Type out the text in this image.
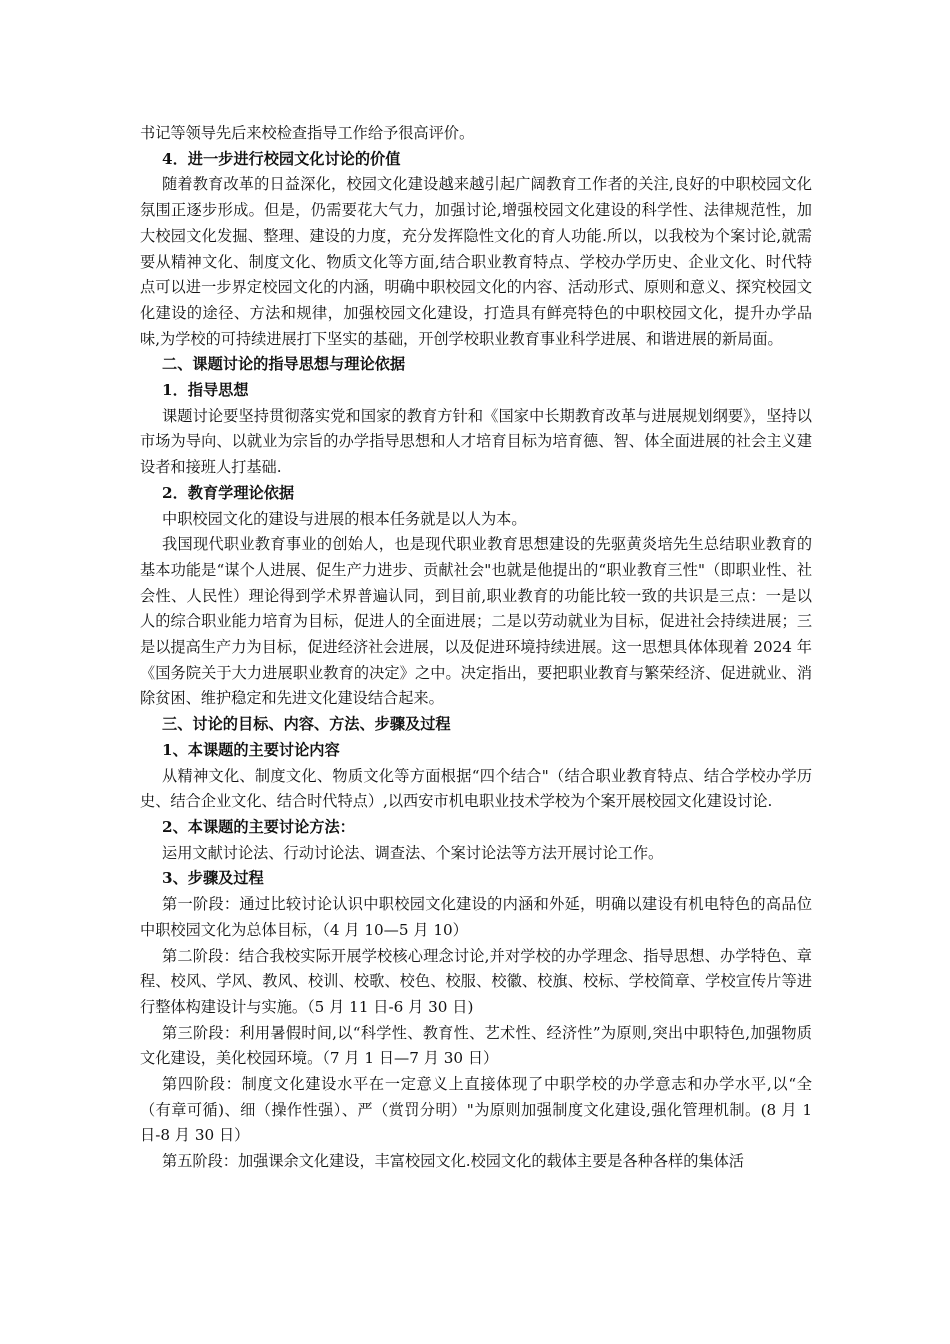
书记等领导先后来校检查指导工作给予很高评价。

4．进一步进行校园文化讨论的价值

随着教育改革的日益深化，校园文化建设越来越引起广阔教育工作者的关注,良好的中职校园文化氛围正逐步形成。但是，仍需要花大气力，加强讨论,增强校园文化建设的科学性、法律规范性，加大校园文化发掘、整理、建设的力度，充分发挥隐性文化的育人功能.所以，以我校为个案讨论,就需要从精神文化、制度文化、物质文化等方面,结合职业教育特点、学校办学历史、企业文化、时代特点可以进一步界定校园文化的内涵，明确中职校园文化的内容、活动形式、原则和意义、探究校园文化建设的途径、方法和规律，加强校园文化建设，打造具有鲜亮特色的中职校园文化，提升办学品味,为学校的可持续进展打下坚实的基础，开创学校职业教育事业科学进展、和谐进展的新局面。

二、课题讨论的指导思想与理论依据

1．指导思想

课题讨论要坚持贯彻落实党和国家的教育方针和《国家中长期教育改革与进展规划纲要》，坚持以市场为导向、以就业为宗旨的办学指导思想和人才培育目标为培育德、智、体全面进展的社会主义建设者和接班人打基础.

2．教育学理论依据

中职校园文化的建设与进展的根本任务就是以人为本。

我国现代职业教育事业的创始人，也是现代职业教育思想建设的先驱黄炎培先生总结职业教育的基本功能是“谋个人进展、促生产力进步、贡献社会"也就是他提出的“职业教育三性"（即职业性、社会性、人民性）理论得到学术界普遍认同，到目前,职业教育的功能比较一致的共识是三点：一是以人的综合职业能力培育为目标，促进人的全面进展；二是以劳动就业为目标，促进社会持续进展；三是以提高生产力为目标，促进经济社会进展，以及促进环境持续进展。这一思想具体体现着 2024 年《国务院关于大力进展职业教育的决定》之中。决定指出，要把职业教育与繁荣经济、促进就业、消除贫困、维护稳定和先进文化建设结合起来。

三、讨论的目标、内容、方法、步骤及过程

1、本课题的主要讨论内容

从精神文化、制度文化、物质文化等方面根据“四个结合"（结合职业教育特点、结合学校办学历史、结合企业文化、结合时代特点）,以西安市机电职业技术学校为个案开展校园文化建设讨论.

2、本课题的主要讨论方法：

运用文献讨论法、行动讨论法、调查法、个案讨论法等方法开展讨论工作。

3、步骤及过程

第一阶段：通过比较讨论认识中职校园文化建设的内涵和外延，明确以建设有机电特色的高品位中职校园文化为总体目标，（4 月 10—5 月 10）

第二阶段：结合我校实际开展学校核心理念讨论,并对学校的办学理念、指导思想、办学特色、章程、校风、学风、教风、校训、校歌、校色、校服、校徽、校旗、校标、学校简章、学校宣传片等进行整体构建设计与实施。（5 月 11 日-6 月 30 日)

第三阶段：利用暑假时间,以“科学性、教育性、艺术性、经济性”为原则,突出中职特色,加强物质文化建设，美化校园环境。（7 月 1 日—7 月 30 日）

第四阶段：制度文化建设水平在一定意义上直接体现了中职学校的办学意志和办学水平,以“全（有章可循)、细（操作性强）、严（赏罚分明）"为原则加强制度文化建设,强化管理机制。(8 月 1 日-8 月 30 日）

第五阶段：加强课余文化建设，丰富校园文化.校园文化的载体主要是各种各样的集体活
